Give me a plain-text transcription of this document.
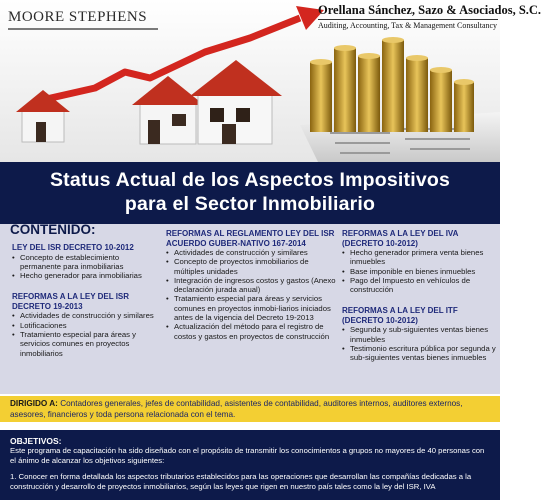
MOORE STEPHENS	Orellana Sánchez, Sazo & Asociados, S.C.
Auditing, Accounting, Tax & Management Consultancy
Status Actual de los Aspectos Impositivos
para el Sector Inmobiliario
CONTENIDO:
LEY DEL ISR DECRETO 10-2012
• Concepto de establecimiento permanente para inmobiliarias
• Hecho generador para inmobiliarias
REFORMAS A LA LEY DEL ISR DECRETO 19-2013
• Actividades de construcción y similares
• Lotificaciones
• Tratamiento especial para áreas y servicios comunes en proyectos inmobiliarios
REFORMAS AL REGLAMENTO LEY DEL ISR ACUERDO GUBER-NATIVO 167-2014
• Actividades de construcción y similares
• Concepto de proyectos inmobiliarios de múltiples unidades
• Integración de ingresos costos y gastos (Anexo declaración jurada anual)
• Tratamiento especial para áreas y servicios comunes en proyectos inmobi-liarios iniciados antes de la vigencia del Decreto 19-2013
• Actualización del método para el registro de costos y gastos en proyectos de construcción
REFORMAS A LA LEY DEL IVA (DECRETO 10-2012)
• Hecho generador primera venta bienes inmuebles
• Base imponible en bienes inmuebles
• Pago del Impuesto en vehículos de construcción
REFORMAS A LA LEY DEL ITF (DECRETO 10-2012)
• Segunda y sub-siguientes ventas bienes inmuebles
• Testimonio escritura pública por segunda y sub-siguientes ventas bienes inmuebles
DIRIGIDO A: Contadores generales, jefes de contabilidad, asistentes de contabilidad, auditores internos, auditores externos, asesores, financieros y toda persona relacionada con el tema.
OBJETIVOS:
Este programa de capacitación ha sido diseñado con el propósito de transmitir los conocimientos a grupos no mayores de 40 personas con el ánimo de alcanzar los objetivos siguientes:
1. Conocer en forma detallada los aspectos tributarios establecidos para las operaciones que desarrollan las compañías dedicadas a la construcción y desarrollo de proyectos inmobiliarios, según las leyes que rigen en nuestro país tales como la ley del ISR, IVA
